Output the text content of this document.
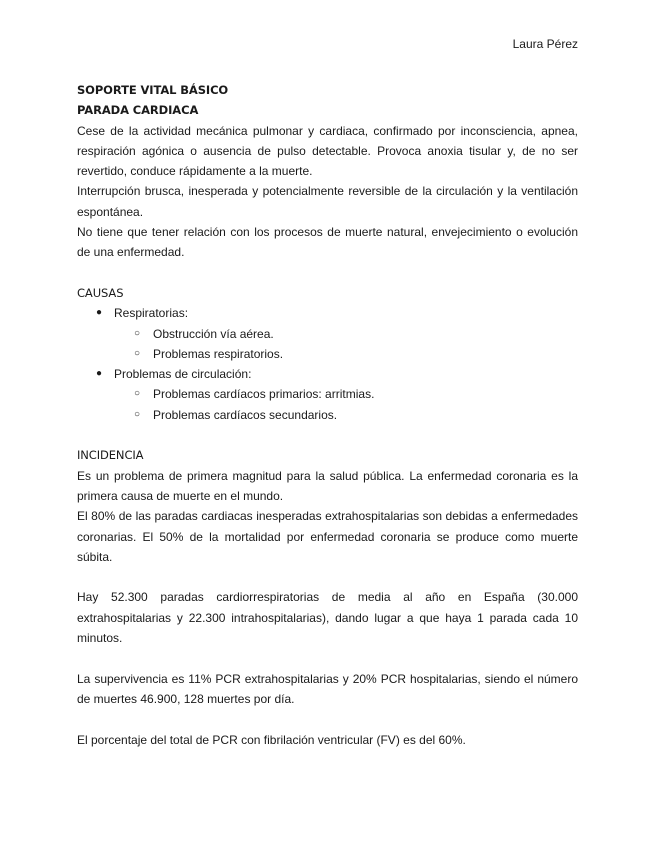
Laura Pérez

SOPORTE VITAL BÁSICO

PARADA CARDIACA

Cese de la actividad mecánica pulmonar y cardiaca, confirmado por inconsciencia, apnea, respiración agónica o ausencia de pulso detectable. Provoca anoxia tisular y, de no ser revertido, conduce rápidamente a la muerte.

Interrupción brusca, inesperada y potencialmente reversible de la circulación y la ventilación espontánea.

No tiene que tener relación con los procesos de muerte natural, envejecimiento o evolución de una enfermedad.

CAUSAS

● Respiratorias:
○ Obstrucción vía aérea.
○ Problemas respiratorios.
● Problemas de circulación:
○ Problemas cardíacos primarios: arritmias.
○ Problemas cardíacos secundarios.

INCIDENCIA

Es un problema de primera magnitud para la salud pública. La enfermedad coronaria es la primera causa de muerte en el mundo.

El 80% de las paradas cardiacas inesperadas extrahospitalarias son debidas a enfermedades coronarias. El 50% de la mortalidad por enfermedad coronaria se produce como muerte súbita.

Hay 52.300 paradas cardiorrespiratorias de media al año en España (30.000 extrahospitalarias y 22.300 intrahospitalarias), dando lugar a que haya 1 parada cada 10 minutos.

La supervivencia es 11% PCR extrahospitalarias y 20% PCR hospitalarias, siendo el número de muertes 46.900, 128 muertes por día.

El porcentaje del total de PCR con fibrilación ventricular (FV) es del 60%.
